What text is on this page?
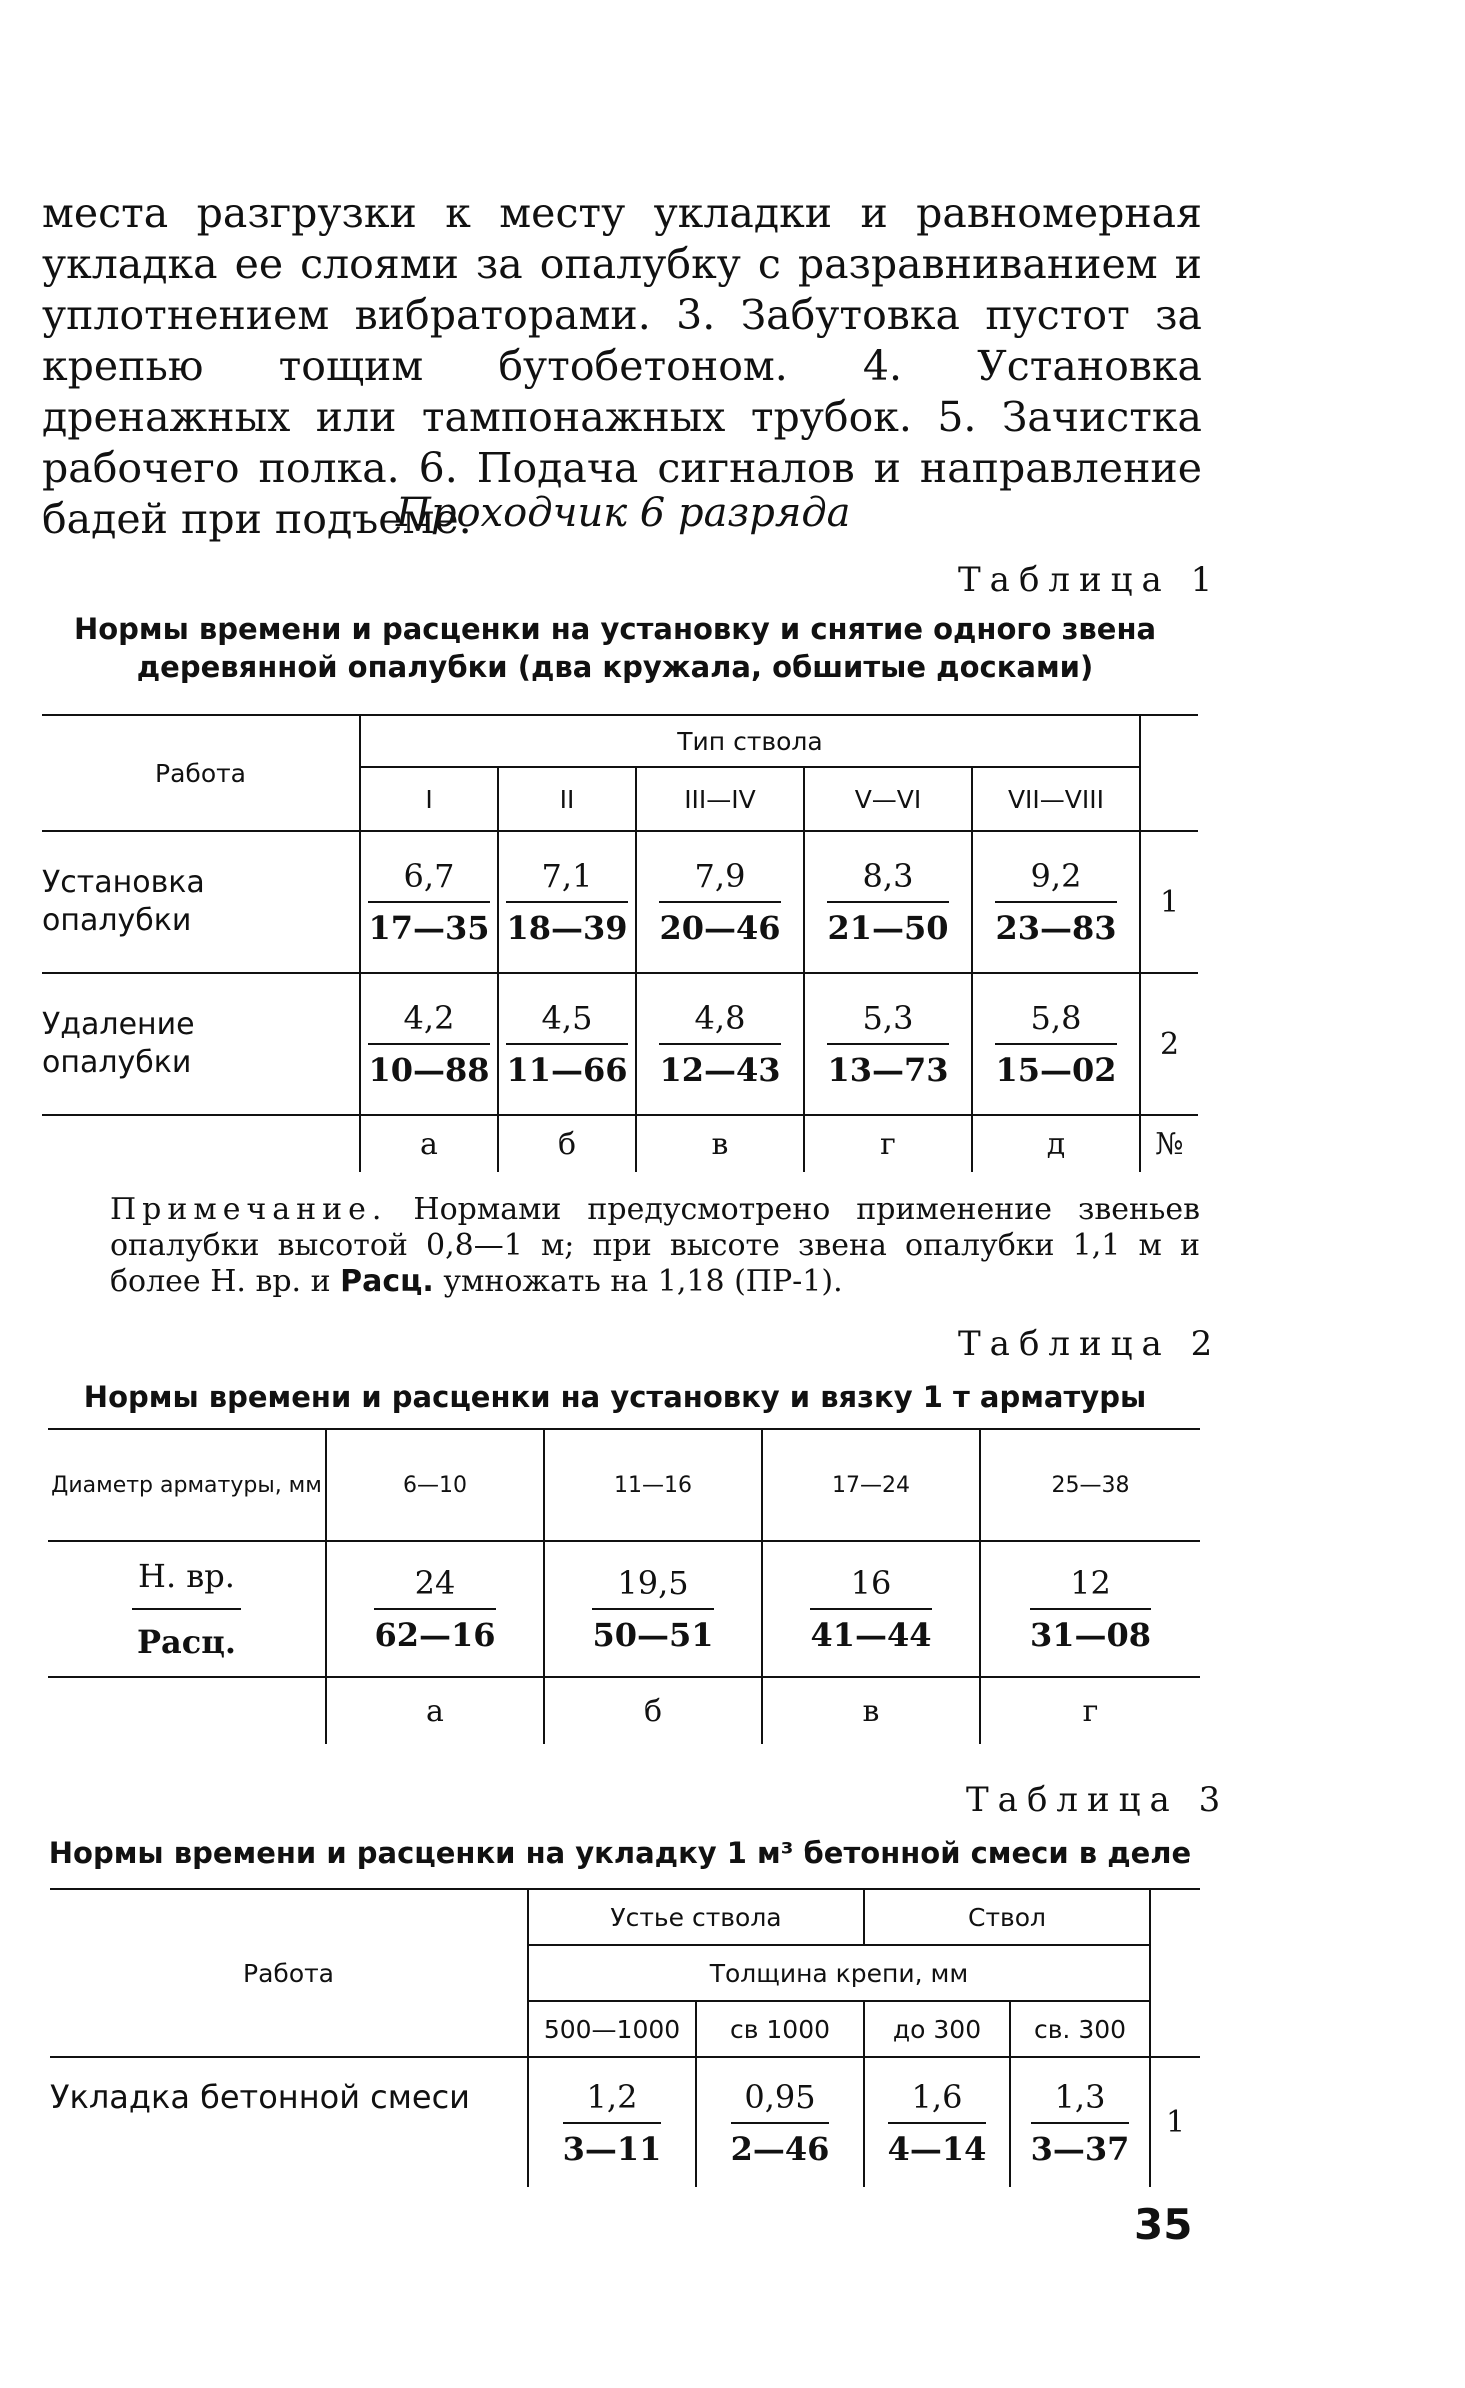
места разгрузки к месту укладки и равномерная укладка ее слоями за опалубку с разравниванием и уплотнением вибраторами. 3. Забутовка пустот за крепью тощим бутобетоном. 4. Установка дренажных или тампонажных трубок. 5. Зачистка рабочего полка. 6. Подача сигналов и направление бадей при подъеме.

Проходчик 6 разряда
Таблица 1
Нормы времени и расценки на установку и снятие одного звена деревянной опалубки (два кружала, обшитые досками)
Работа	Тип ствола					
	I	II	III—IV	V—VI	VII—VIII	
Установка опалубки	$\frac{6,7}{17—35}$	$\frac{7,1}{18—39}$	$\frac{7,9}{20—46}$	$\frac{8,3}{21—50}$	$\frac{9,2}{23—83}$	1
Удаление опалубки	$\frac{4,2}{10—88}$	$\frac{4,5}{11—66}$	$\frac{4,8}{12—43}$	$\frac{5,3}{13—73}$	$\frac{5,8}{15—02}$	2
	а	б	в	г	д	№
Примечание. Нормами предусмотрено применение звеньев опалубки высотой 0,8—1 м; при высоте звена опалубки 1,1 м и более Н. вр. и Расц. умножать на 1,18 (ПР-1).
Таблица 2
Нормы времени и расценки на установку и вязку 1 т арматуры
Диаметр арматуры, мм	6—10	11—16	17—24	25—38

$\frac{Н. вр.}{\text{Расц.}}$	$\frac{24}{62—16}$	$\frac{19,5}{50—51}$	$\frac{16}{41—44}$	$\frac{12}{31—08}$

	а	б	в	г
Таблица 3
Нормы времени и расценки на укладку 1 м³ бетонной смеси в деле
Работа	Устье ствола		Ствол		
	Толщина крепи, мм				
	500—1000	св 1000	до 300	св. 300	
Укладка бетонной смеси	$\frac{1,2}{3—11}$	$\frac{0,95}{2—46}$	$\frac{1,6}{4—14}$	$\frac{1,3}{3—37}$	1
35
